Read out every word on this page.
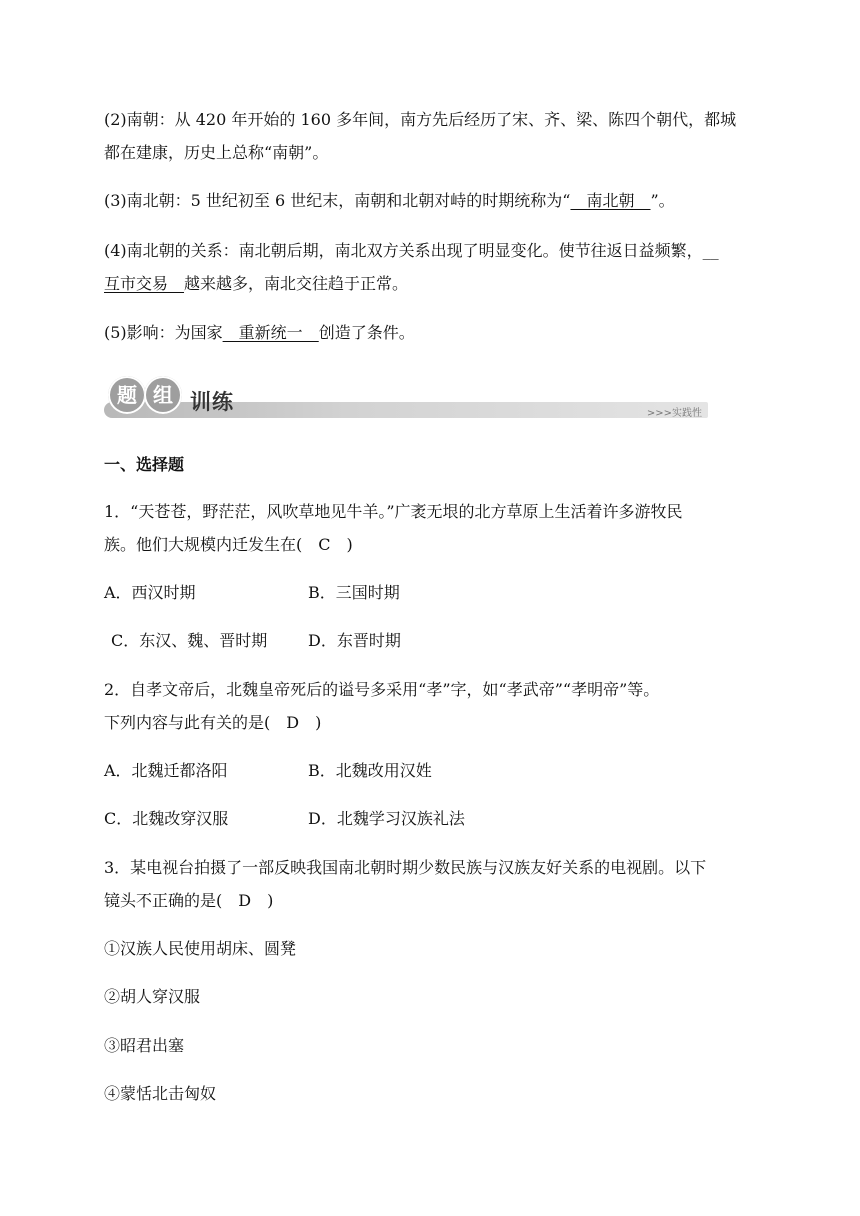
(2)南朝：从 420 年开始的 160 多年间，南方先后经历了宋、齐、梁、陈四个朝代，都城
都在建康，历史上总称“南朝”。
(3)南北朝：5 世纪初至 6 世纪末，南朝和北朝对峙的时期统称为“__南北朝__”。
(4)南北朝的关系：南北朝后期，南北双方关系出现了明显变化。使节往返日益频繁，__
互市交易__越来越多，南北交往趋于正常。
(5)影响：为国家__重新统一__创造了条件。
题 组 训练	>>>实践性
一、选择题
1．“天苍苍，野茫茫，风吹草地见牛羊。”广袤无垠的北方草原上生活着许多游牧民
族。他们大规模内迁发生在(　C　)
A．西汉时期	B．三国时期
C．东汉、魏、晋时期	D．东晋时期
2．自孝文帝后，北魏皇帝死后的谥号多采用“孝”字，如“孝武帝”“孝明帝”等。
下列内容与此有关的是(　D　)
A．北魏迁都洛阳	B．北魏改用汉姓
C．北魏改穿汉服	D．北魏学习汉族礼法
3．某电视台拍摄了一部反映我国南北朝时期少数民族与汉族友好关系的电视剧。以下
镜头不正确的是(　D　)
①汉族人民使用胡床、圆凳
②胡人穿汉服
③昭君出塞
④蒙恬北击匈奴
